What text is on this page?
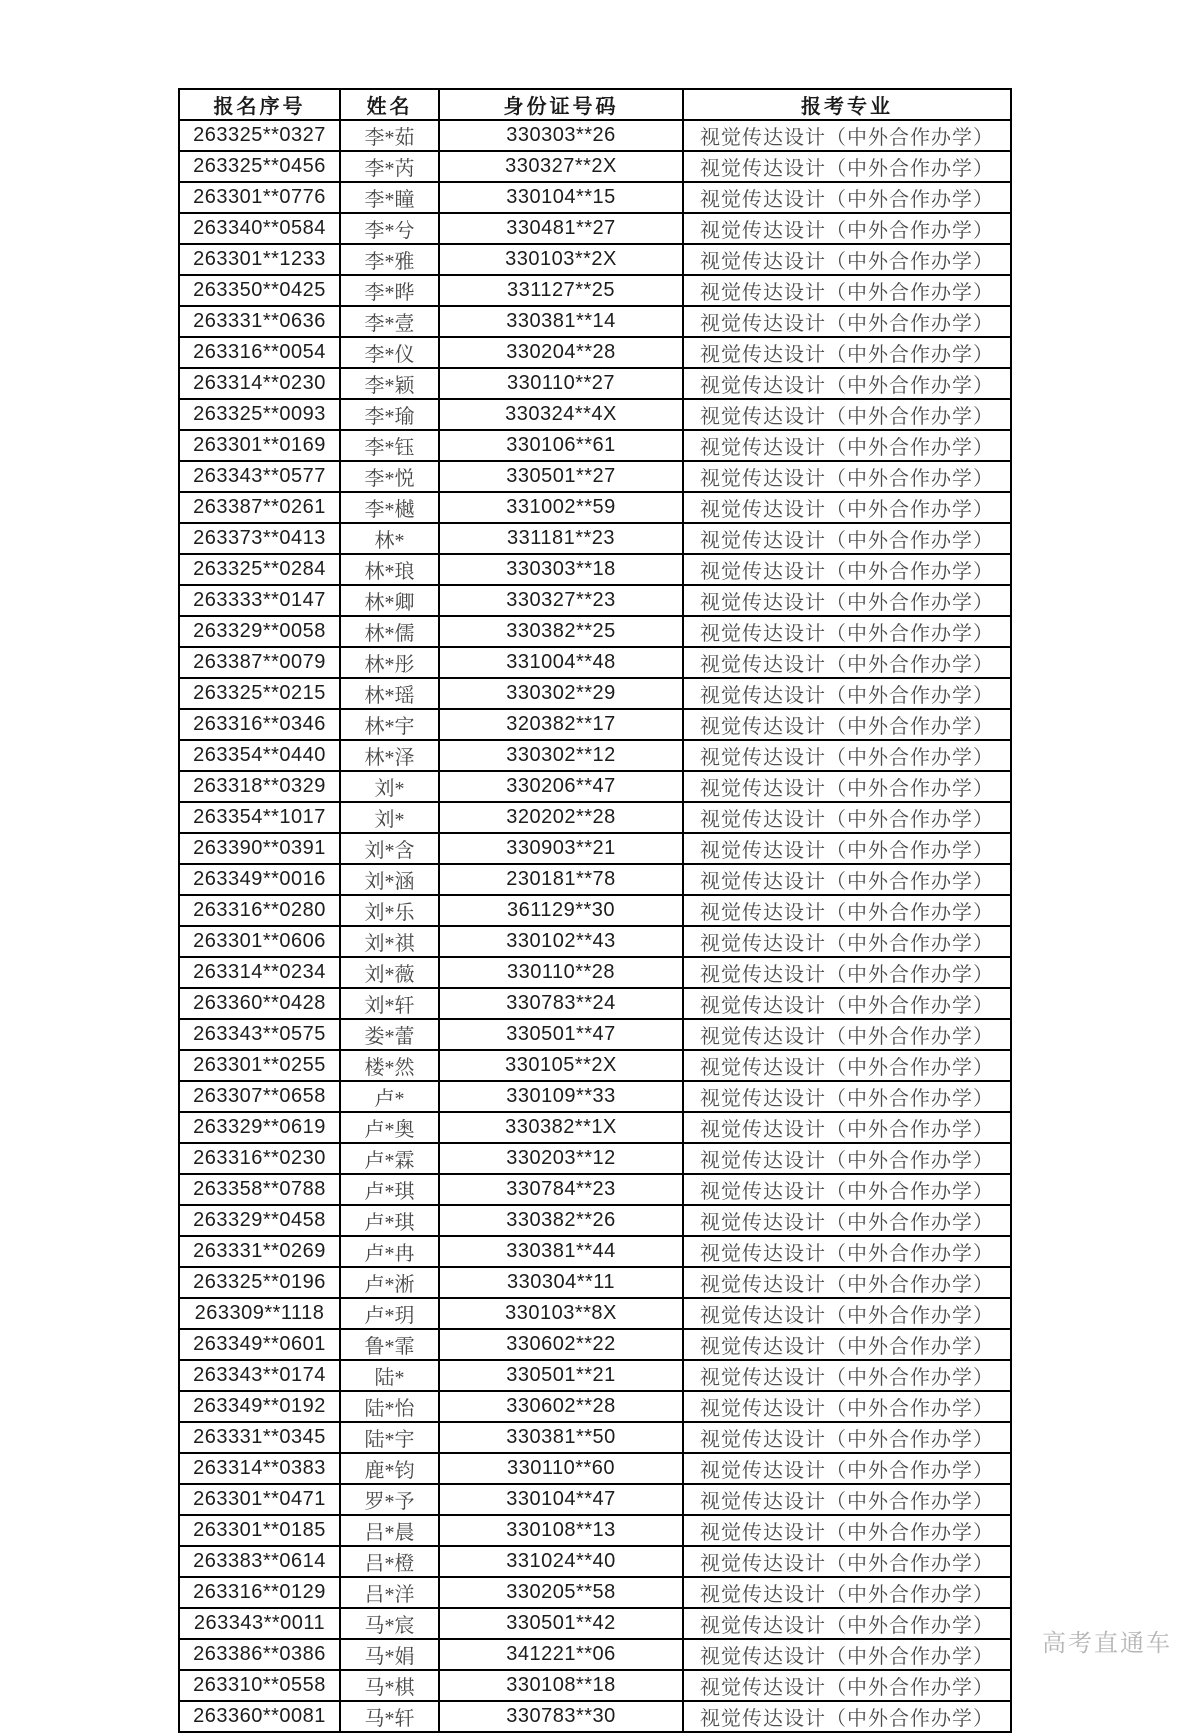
报名序号	姓名	身份证号码	报考专业
263325**0327	李*茹	330303**26	视觉传达设计（中外合作办学）
263325**0456	李*芮	330327**2X	视觉传达设计（中外合作办学）
263301**0776	李*瞳	330104**15	视觉传达设计（中外合作办学）
263340**0584	李*兮	330481**27	视觉传达设计（中外合作办学）
263301**1233	李*雅	330103**2X	视觉传达设计（中外合作办学）
263350**0425	李*晔	331127**25	视觉传达设计（中外合作办学）
263331**0636	李*壹	330381**14	视觉传达设计（中外合作办学）
263316**0054	李*仪	330204**28	视觉传达设计（中外合作办学）
263314**0230	李*颖	330110**27	视觉传达设计（中外合作办学）
263325**0093	李*瑜	330324**4X	视觉传达设计（中外合作办学）
263301**0169	李*钰	330106**61	视觉传达设计（中外合作办学）
263343**0577	李*悦	330501**27	视觉传达设计（中外合作办学）
263387**0261	李*樾	331002**59	视觉传达设计（中外合作办学）
263373**0413	林*	331181**23	视觉传达设计（中外合作办学）
263325**0284	林*琅	330303**18	视觉传达设计（中外合作办学）
263333**0147	林*卿	330327**23	视觉传达设计（中外合作办学）
263329**0058	林*儒	330382**25	视觉传达设计（中外合作办学）
263387**0079	林*彤	331004**48	视觉传达设计（中外合作办学）
263325**0215	林*瑶	330302**29	视觉传达设计（中外合作办学）
263316**0346	林*宇	320382**17	视觉传达设计（中外合作办学）
263354**0440	林*泽	330302**12	视觉传达设计（中外合作办学）
263318**0329	刘*	330206**47	视觉传达设计（中外合作办学）
263354**1017	刘*	320202**28	视觉传达设计（中外合作办学）
263390**0391	刘*含	330903**21	视觉传达设计（中外合作办学）
263349**0016	刘*涵	230181**78	视觉传达设计（中外合作办学）
263316**0280	刘*乐	361129**30	视觉传达设计（中外合作办学）
263301**0606	刘*祺	330102**43	视觉传达设计（中外合作办学）
263314**0234	刘*薇	330110**28	视觉传达设计（中外合作办学）
263360**0428	刘*轩	330783**24	视觉传达设计（中外合作办学）
263343**0575	娄*蕾	330501**47	视觉传达设计（中外合作办学）
263301**0255	楼*然	330105**2X	视觉传达设计（中外合作办学）
263307**0658	卢*	330109**33	视觉传达设计（中外合作办学）
263329**0619	卢*奥	330382**1X	视觉传达设计（中外合作办学）
263316**0230	卢*霖	330203**12	视觉传达设计（中外合作办学）
263358**0788	卢*琪	330784**23	视觉传达设计（中外合作办学）
263329**0458	卢*琪	330382**26	视觉传达设计（中外合作办学）
263331**0269	卢*冉	330381**44	视觉传达设计（中外合作办学）
263325**0196	卢*淅	330304**11	视觉传达设计（中外合作办学）
263309**1118	卢*玥	330103**8X	视觉传达设计（中外合作办学）
263349**0601	鲁*霏	330602**22	视觉传达设计（中外合作办学）
263343**0174	陆*	330501**21	视觉传达设计（中外合作办学）
263349**0192	陆*怡	330602**28	视觉传达设计（中外合作办学）
263331**0345	陆*宇	330381**50	视觉传达设计（中外合作办学）
263314**0383	鹿*钧	330110**60	视觉传达设计（中外合作办学）
263301**0471	罗*予	330104**47	视觉传达设计（中外合作办学）
263301**0185	吕*晨	330108**13	视觉传达设计（中外合作办学）
263383**0614	吕*橙	331024**40	视觉传达设计（中外合作办学）
263316**0129	吕*洋	330205**58	视觉传达设计（中外合作办学）
263343**0011	马*宸	330501**42	视觉传达设计（中外合作办学）
263386**0386	马*娟	341221**06	视觉传达设计（中外合作办学）
263310**0558	马*棋	330108**18	视觉传达设计（中外合作办学）
263360**0081	马*轩	330783**30	视觉传达设计（中外合作办学）
高考直通车
